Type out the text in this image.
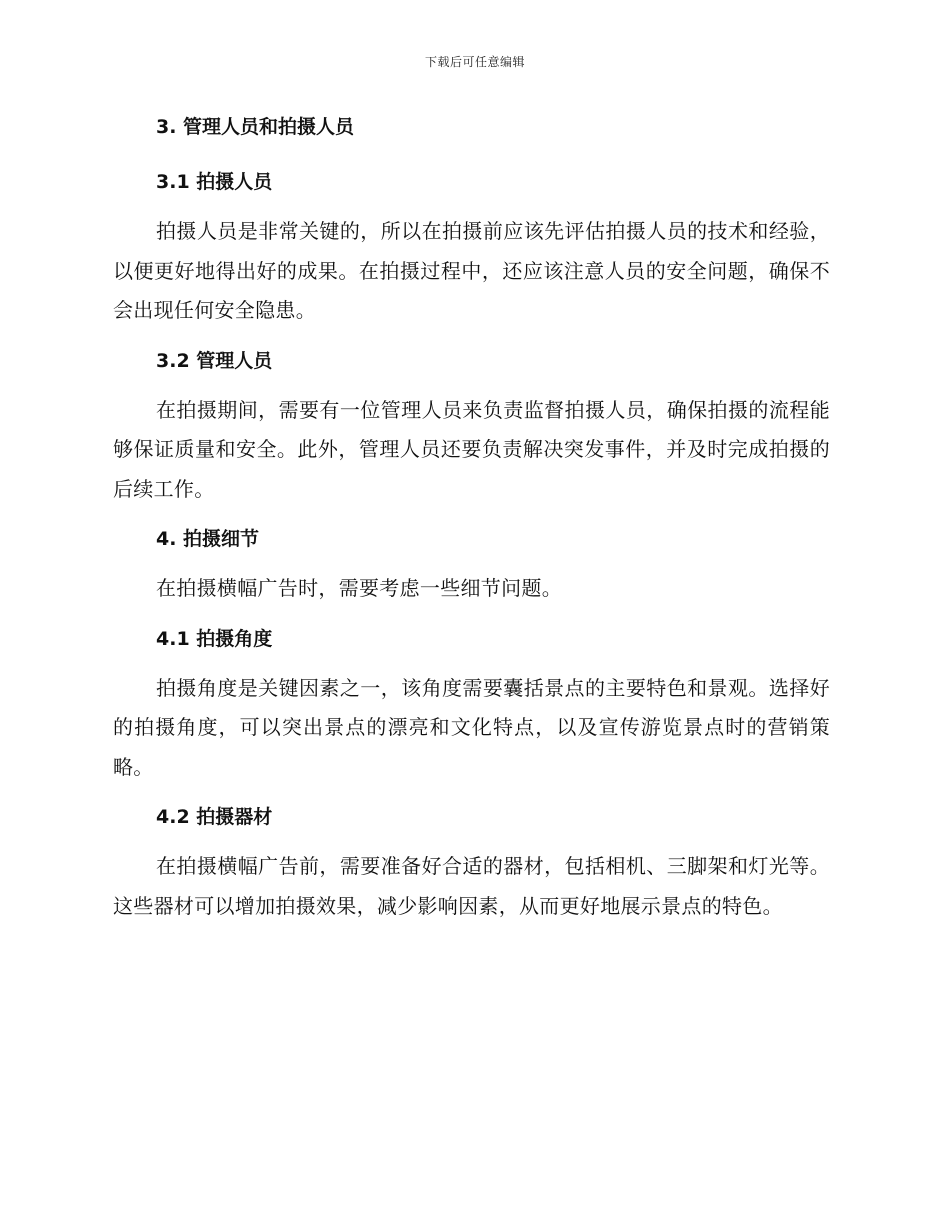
下载后可任意编辑
3. 管理人员和拍摄人员
3.1 拍摄人员

拍摄人员是非常关键的，所以在拍摄前应该先评估拍摄人员的技术和经验，以便更好地得出好的成果。在拍摄过程中，还应该注意人员的安全问题，确保不会出现任何安全隐患。

3.2 管理人员

在拍摄期间，需要有一位管理人员来负责监督拍摄人员，确保拍摄的流程能够保证质量和安全。此外，管理人员还要负责解决突发事件，并及时完成拍摄的后续工作。

4. 拍摄细节

在拍摄横幅广告时，需要考虑一些细节问题。

4.1 拍摄角度

拍摄角度是关键因素之一，该角度需要囊括景点的主要特色和景观。选择好的拍摄角度，可以突出景点的漂亮和文化特点，以及宣传游览景点时的营销策略。

4.2 拍摄器材

在拍摄横幅广告前，需要准备好合适的器材，包括相机、三脚架和灯光等。这些器材可以增加拍摄效果，减少影响因素，从而更好地展示景点的特色。
